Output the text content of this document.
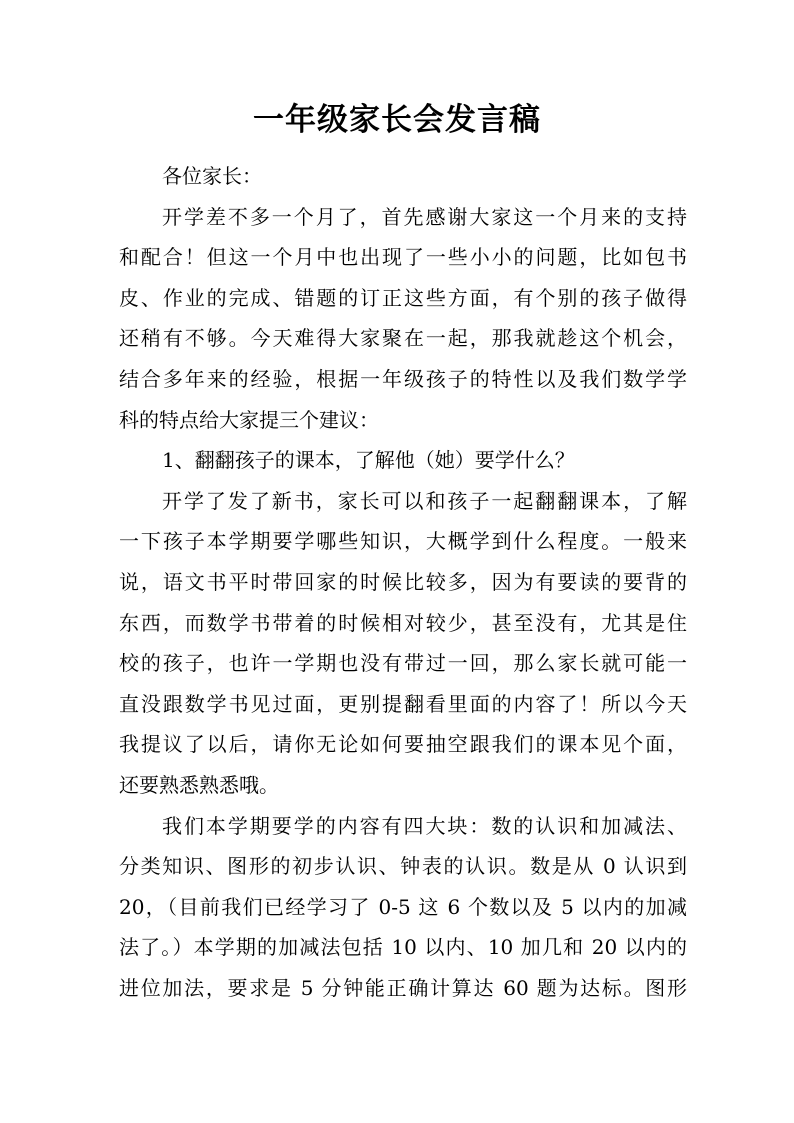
一年级家长会发言稿
各位家长：
开学差不多一个月了，首先感谢大家这一个月来的支持
和配合！但这一个月中也出现了一些小小的问题，比如包书
皮、作业的完成、错题的订正这些方面，有个别的孩子做得
还稍有不够。今天难得大家聚在一起，那我就趁这个机会，
结合多年来的经验，根据一年级孩子的特性以及我们数学学
科的特点给大家提三个建议：
1、翻翻孩子的课本，了解他（她）要学什么？
开学了发了新书，家长可以和孩子一起翻翻课本，了解
一下孩子本学期要学哪些知识，大概学到什么程度。一般来
说，语文书平时带回家的时候比较多，因为有要读的要背的
东西，而数学书带着的时候相对较少，甚至没有，尤其是住
校的孩子，也许一学期也没有带过一回，那么家长就可能一
直没跟数学书见过面，更别提翻看里面的内容了！所以今天
我提议了以后，请你无论如何要抽空跟我们的课本见个面，
还要熟悉熟悉哦。
我们本学期要学的内容有四大块：数的认识和加减法、
分类知识、图形的初步认识、钟表的认识。数是从 0 认识到
20，（目前我们已经学习了 0-5 这 6 个数以及 5 以内的加减
法了。）本学期的加减法包括 10 以内、10 加几和 20 以内的
进位加法，要求是 5 分钟能正确计算达 60 题为达标。图形
